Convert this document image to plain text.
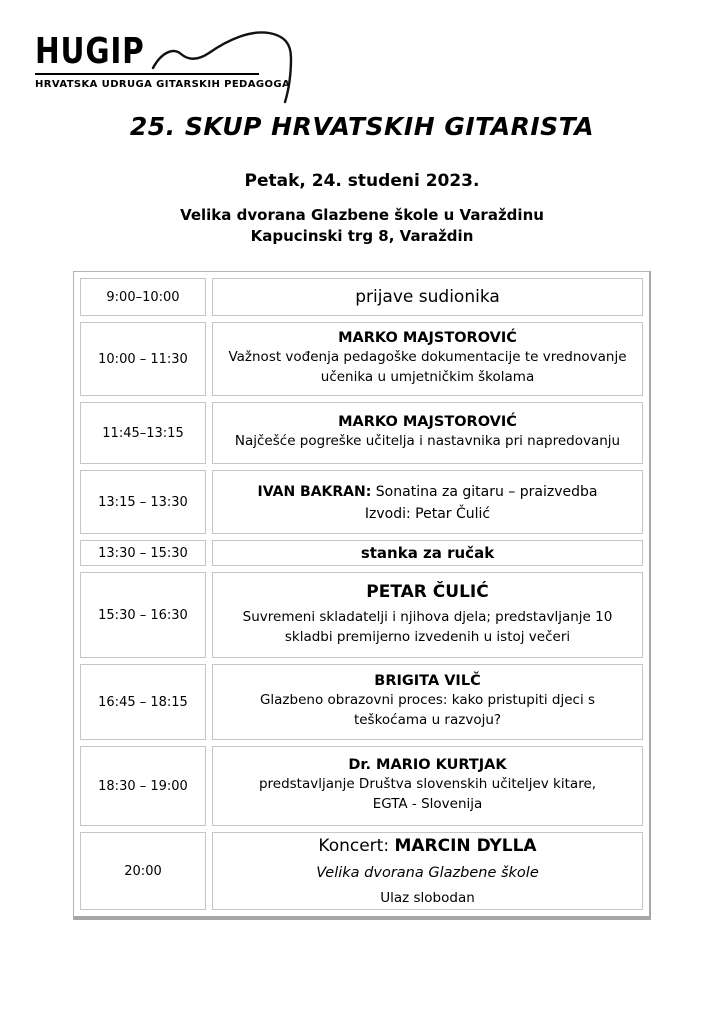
HUGIP
HRVATSKA UDRUGA GITARSKIH PEDAGOGA
25. SKUP HRVATSKIH GITARISTA
Petak, 24. studeni 2023.
Velika dvorana Glazbene škole u Varaždinu
Kapucinski trg 8, Varaždin
9:00–10:00	prijave sudionika

10:00 – 11:30	MARKO MAJSTOROVIĆ
Važnost vođenja pedagoške dokumentacije te vrednovanje učenika u umjetničkim školama

11:45–13:15	MARKO MAJSTOROVIĆ
Najčešće pogreške učitelja i nastavnika pri napredovanju

13:15 – 13:30	IVAN BAKRAN: Sonatina za gitaru – praizvedba
Izvodi: Petar Čulić

13:30 – 15:30	stanka za ručak

15:30 – 16:30	PETAR ČULIĆ
Suvremeni skladatelji i njihova djela; predstavljanje 10 skladbi premijerno izvedenih u istoj večeri

16:45 – 18:15	BRIGITA VILČ
Glazbeno obrazovni proces: kako pristupiti djeci s teškoćama u razvoju?

18:30 – 19:00	Dr. MARIO KURTJAK
predstavljanje Društva slovenskih učiteljev kitare,
EGTA - Slovenija

20:00	Koncert: MARCIN DYLLA
Velika dvorana Glazbene škole
Ulaz slobodan
